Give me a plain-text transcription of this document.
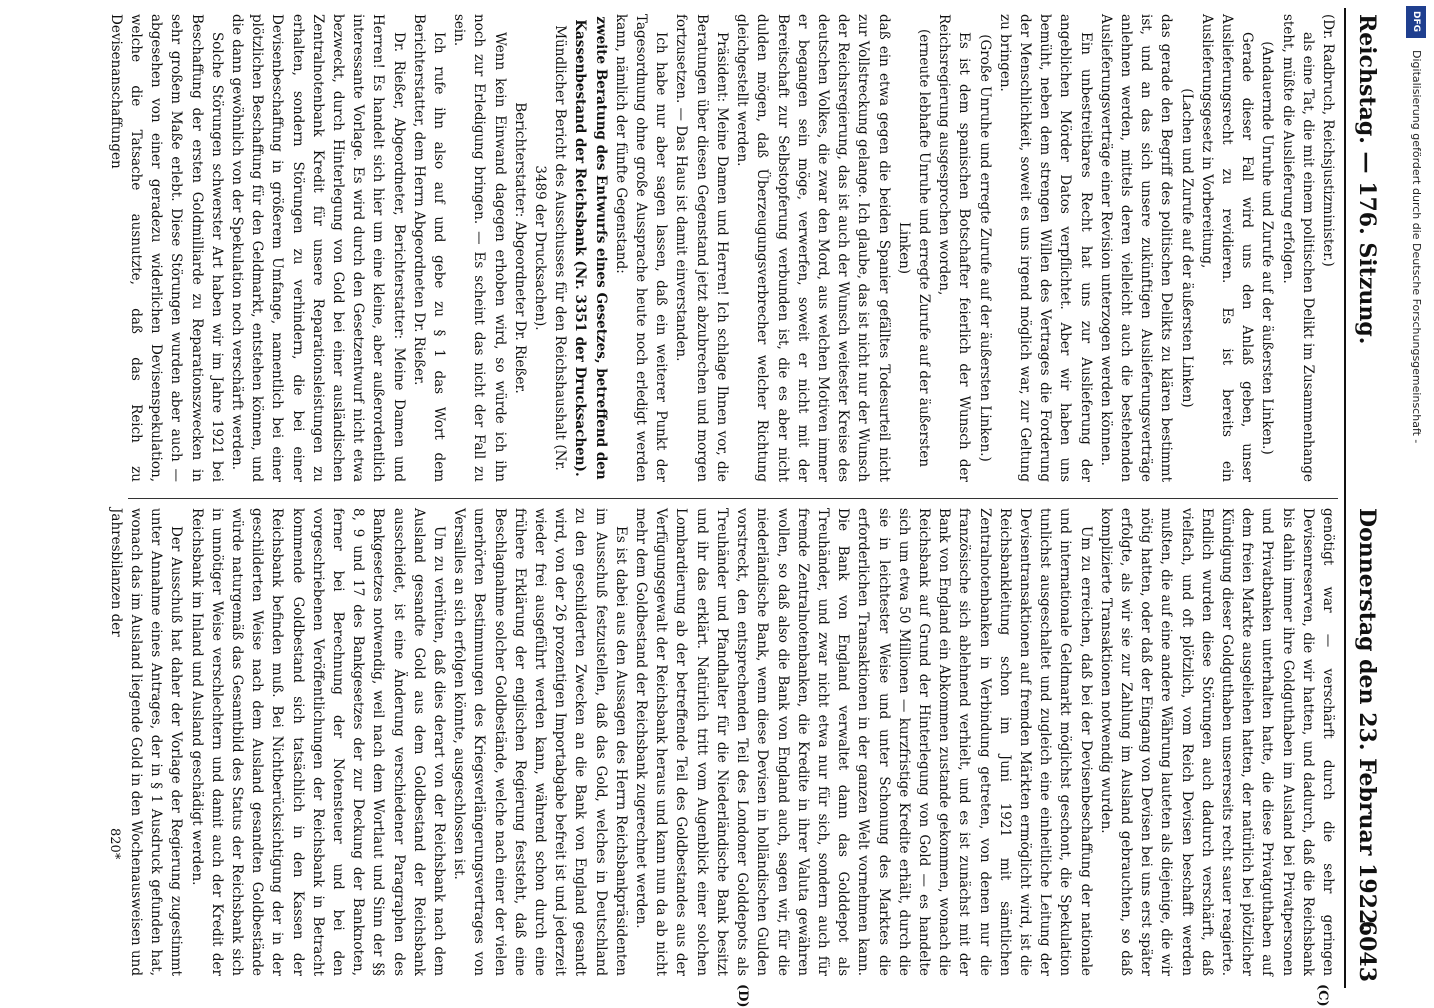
Reichstag. — 176. Sitzung.
Donnerstag den 23. Februar 1922.
6043
(C)
(D)

(Dr. Radbruch, Reichsjustizminister.)

als eine Tat, die mit einem politischen Delikt im Zusammenhange steht, müßte die Auslieferung erfolgen.

(Andauernde Unruhe und Zurufe auf der äußersten Linken.)

Gerade dieser Fall wird uns den Anlaß geben, unser Auslieferungsrecht zu revidieren. Es ist bereits ein Auslieferungsgesetz in Vorbereitung,

(Lachen und Zurufe auf der äußersten Linken)

das gerade den Begriff des politischen Delikts zu klären bestimmt ist, und an das sich unsere zukünftigen Auslieferungsverträge anlehnen werden, mittels deren vielleicht auch die bestehenden Auslieferungsverträge einer Revision unterzogen werden können.

Ein unbestreitbares Recht hat uns zur Auslieferung der angeblichen Mörder Datos verpflichtet. Aber wir haben uns bemüht, neben dem strengen Willen des Vertrages die Forderung der Menschlichkeit, soweit es uns irgend möglich war, zur Geltung zu bringen.

(Große Unruhe und erregte Zurufe auf der äußersten Linken.)

Es ist dem spanischen Botschafter feierlich der Wunsch der Reichsregierung ausgesprochen worden,

(erneute lebhafte Unruhe und erregte Zurufe auf der äußersten Linken)

daß ein etwa gegen die beiden Spanier gefälltes Todesurteil nicht zur Vollstreckung gelange. Ich glaube, das ist nicht nur der Wunsch der Reichsregierung, das ist auch der Wunsch weitester Kreise des deutschen Volkes, die zwar den Mord, aus welchen Motiven immer er begangen sein möge, verwerfen, soweit er nicht mit der Bereitschaft zur Selbstopferung verbunden ist, die es aber nicht dulden mögen, daß Überzeugungsverbrecher welcher Richtung gleichgestellt werden.

Präsident: Meine Damen und Herren! Ich schlage Ihnen vor, die Beratungen über diesen Gegenstand jetzt abzubrechen und morgen fortzusetzen. — Das Haus ist damit einverstanden.

Ich habe nur aber sagen lassen, daß ein weiterer Punkt der Tagesordnung ohne große Aussprache heute noch erledigt werden kann, nämlich der fünfte Gegenstand:

zweite Beratung des Entwurfs eines Gesetzes, betreffend den Kassenbestand der Reichsbank (Nr. 3351 der Drucksachen).

Mündlicher Bericht des Ausschusses für den Reichshaushalt (Nr. 3489 der Drucksachen).

Berichterstatter: Abgeordneter Dr. Rießer.

Wenn kein Einwand dagegen erhoben wird, so würde ich ihn noch zur Erledigung bringen. — Es scheint das nicht der Fall zu sein.

Ich rufe ihn also auf und gebe zu § 1 das Wort dem Berichterstatter, dem Herrn Abgeordneten Dr. Rießer.

Dr. Rießer, Abgeordneter, Berichterstatter: Meine Damen und Herren! Es handelt sich hier um eine kleine, aber außerordentlich interessante Vorlage. Es wird durch den Gesetzentwurf nicht etwa bezweckt, durch Hinterlegung von Gold bei einer ausländischen Zentralnotenbank Kredit für unsere Reparationsleistungen zu erhalten, sondern Störungen zu verhindern, die bei einer Devisenbeschaffung in größerem Umfange, namentlich bei einer plötzlichen Beschaffung für den Geldmarkt, entstehen können, und die dann gewöhnlich von der Spekulation noch verschärft werden.

Solche Störungen schwerster Art haben wir im Jahre 1921 bei Beschaffung der ersten Goldmilliarde zu Reparationszwecken in sehr großem Maße erlebt. Diese Störungen wurden aber auch — abgesehen von einer geradezu widerlichen Devisenspekulation, welche die Tatsache ausnutzte, daß das Reich zu Devisenanschaffungen

genötigt war — verschärft durch die sehr geringen Devisenreserven, die wir hatten, und dadurch, daß die Reichsbank bis dahin immer ihre Goldguthaben im Ausland bei Privatpersonen und Privatbanken unterhalten hatte, die diese Privatguthaben auf dem freien Markte ausgeliehen hatten, der natürlich bei plötzlicher Kündigung dieser Goldguthaben unsererseits recht sauer reagierte. Endlich wurden diese Störungen auch dadurch verschärft, daß vielfach, und oft plötzlich, vom Reich Devisen beschafft werden mußten, die auf eine andere Währung lauteten als diejenige, die wir nötig hatten, oder daß der Eingang von Devisen bei uns erst später erfolgte, als wir sie zur Zahlung im Ausland gebrauchten, so daß komplizierte Transaktionen notwendig wurden.

Um zu erreichen, daß bei der Devisenbeschaffung der nationale und internationale Geldmarkt möglichst geschont, die Spekulation tunlichst ausgeschaltet und zugleich eine einheitliche Leitung der Devisentransaktionen auf fremden Märkten ermöglicht wird, ist die Reichsbankleitung schon im Juni 1921 mit sämtlichen Zentralnotenbanken in Verbindung getreten, von denen nur die französische sich ablehnend verhielt, und es ist zunächst mit der Bank von England ein Abkommen zustande gekommen, wonach die Reichsbank auf Grund der Hinterlegung von Gold — es handelte sich um etwa 50 Millionen — kurzfristige Kredite erhält, durch die sie in leichtester Weise und unter Schonung des Marktes die erforderlichen Transaktionen in der ganzen Welt vornehmen kann. Die Bank von England verwaltet dann das Golddepot als Treuhänder, und zwar nicht etwa nur für sich, sondern auch für fremde Zentralnotenbanken, die Kredite in ihrer Valuta gewähren wollen, so daß also die Bank von England auch, sagen wir, für die niederländische Bank, wenn diese Devisen in holländischen Gulden vorstreckt, den entsprechenden Teil des Londoner Golddepots als Treuhänder und Pfandhalter für die Niederländische Bank besitzt und ihr das erklärt. Natürlich tritt vom Augenblick einer solchen Lombardierung ab der betreffende Teil des Goldbestandes aus der Verfügungsgewalt der Reichsbank heraus und kann nun da ab nicht mehr dem Goldbestand der Reichsbank zugerechnet werden.

Es ist dabei aus den Aussagen des Herrn Reichsbankpräsidenten im Ausschuß festzustellen, daß das Gold, welches in Deutschland zu den geschilderten Zwecken an die Bank von England gesandt wird, von der 26 prozentigen Importabgabe befreit ist und jederzeit wieder frei ausgeführt werden kann, während schon durch eine frühere Erklärung der englischen Regierung feststeht, daß eine Beschlagnahme solcher Goldbestände, welche nach einer der vielen unerhörten Bestimmungen des Kriegsverlängerungsvertrages von Versailles an sich erfolgen könnte, ausgeschlossen ist.

Um zu verhüten, daß dies derart von der Reichsbank nach dem Ausland gesandte Gold aus dem Goldbestand der Reichsbank ausscheidet, ist eine Änderung verschiedener Paragraphen des Bankgesetzes notwendig, weil nach dem Wortlaut und Sinn der §§ 8, 9 und 17 des Bankgesetzes der zur Deckung der Banknoten, ferner bei Berechnung der Notensteuer und bei den vorgeschriebenen Veröffentlichungen der Reichsbank in Betracht kommende Goldbestand sich tatsächlich in den Kassen der Reichsbank befinden muß. Bei Nichtberücksichtigung der in der geschilderten Weise nach dem Ausland gesandten Goldbestände würde naturgemäß das Gesamtbild des Status der Reichsbank sich in unnötiger Weise verschlechtern und damit auch der Kredit der Reichsbank im Inland und Ausland geschädigt werden.

Der Ausschuß hat daher der Vorlage der Regierung zugestimmt unter Annahme eines Antrages, der in § 1 Ausdruck gefunden hat, wonach das im Ausland liegende Gold in den Wochenausweisen und Jahresbilanzen der

820*
DFG
Digitalisierung gefördert durch die Deutsche Forschungsgemeinschaft -
